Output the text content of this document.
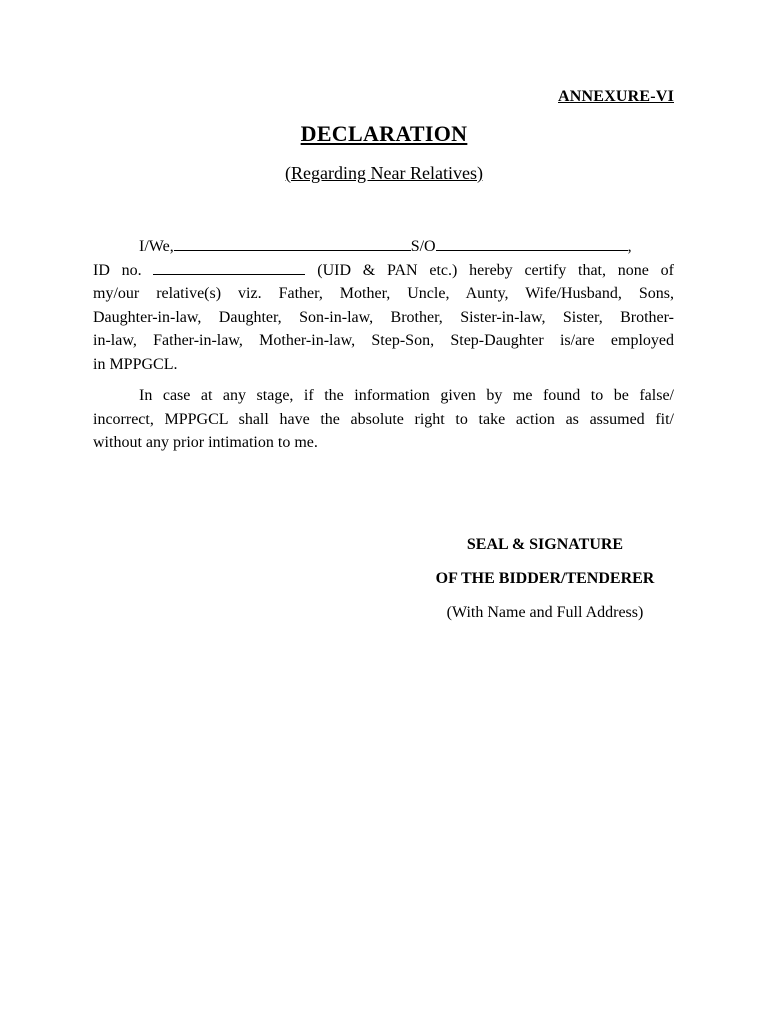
ANNEXURE-VI
DECLARATION
(Regarding Near Relatives)

I/We,	S/O	,
ID no.	(UID & PAN etc.) hereby certify that, none of
my/our relative(s) viz. Father, Mother, Uncle, Aunty, Wife/Husband, Sons,
Daughter-in-law, Daughter, Son-in-law, Brother, Sister-in-law, Sister, Brother-
in-law, Father-in-law, Mother-in-law, Step-Son, Step-Daughter is/are employed
in MPPGCL.

In case at any stage, if the information given by me found to be false/
incorrect, MPPGCL shall have the absolute right to take action as assumed fit/
without any prior intimation to me.

SEAL & SIGNATURE
OF THE BIDDER/TENDERER
(With Name and Full Address)
